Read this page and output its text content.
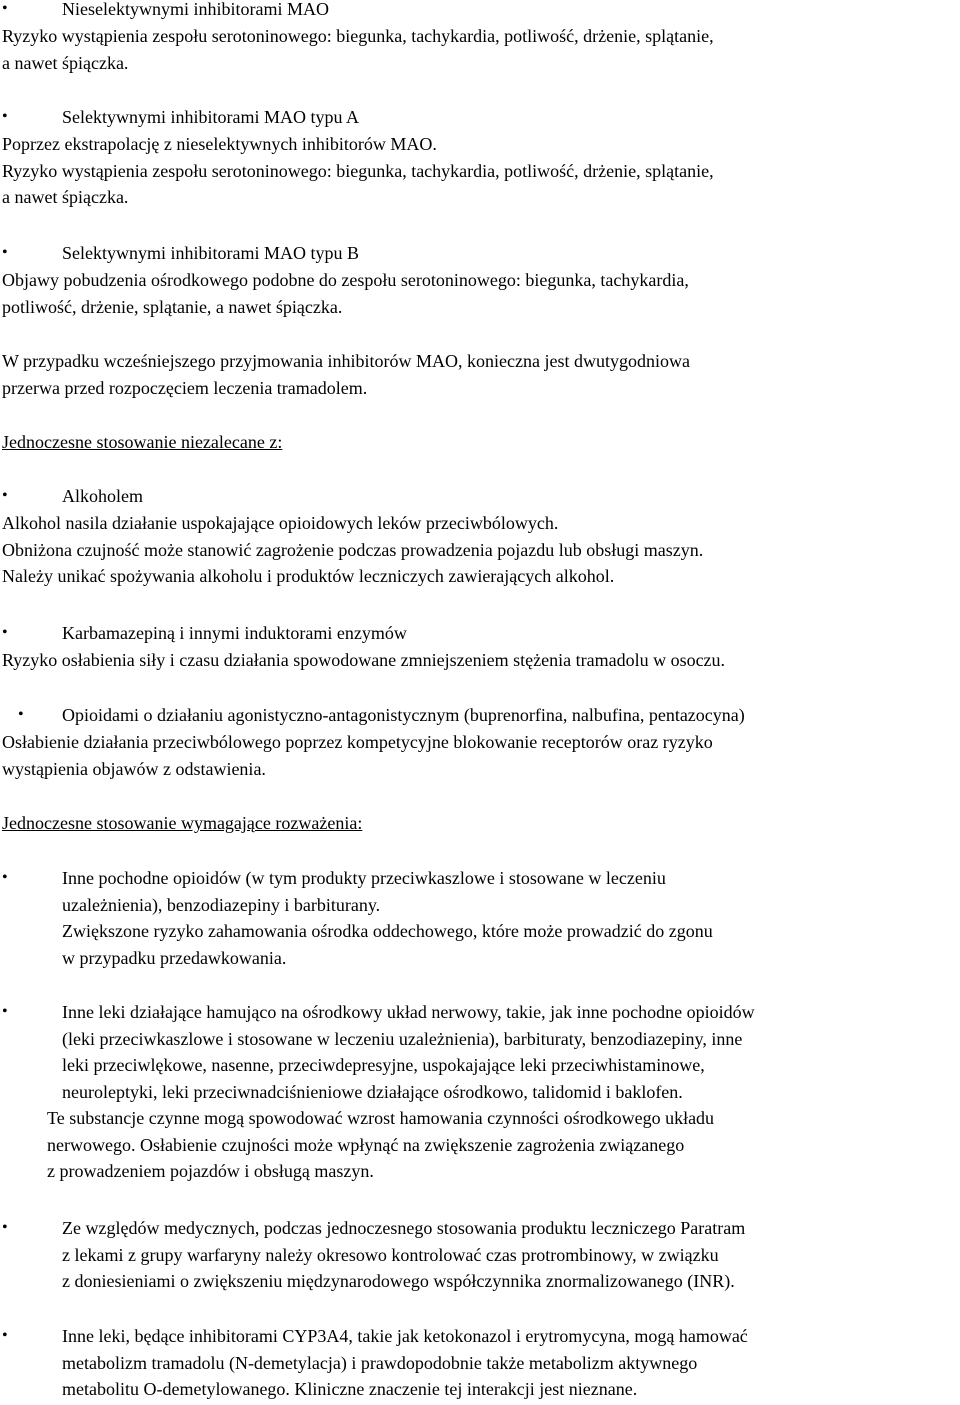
•	Nieselektywnymi inhibitorami MAO
Ryzyko wystąpienia zespołu serotoninowego: biegunka, tachykardia, potliwość, drżenie, splątanie,
a nawet śpiączka.
•	Selektywnymi inhibitorami MAO typu A
Poprzez ekstrapolację z nieselektywnych inhibitorów MAO.
Ryzyko wystąpienia zespołu serotoninowego: biegunka, tachykardia, potliwość, drżenie, splątanie,
a nawet śpiączka.
•	Selektywnymi inhibitorami MAO typu B
Objawy pobudzenia ośrodkowego podobne do zespołu serotoninowego: biegunka, tachykardia,
potliwość, drżenie, splątanie, a nawet śpiączka.
W przypadku wcześniejszego przyjmowania inhibitorów MAO, konieczna jest dwutygodniowa
przerwa przed rozpoczęciem leczenia tramadolem.
Jednoczesne stosowanie niezalecane z:
•	Alkoholem
Alkohol nasila działanie uspokajające opioidowych leków przeciwbólowych.
Obniżona czujność może stanowić zagrożenie podczas prowadzenia pojazdu lub obsługi maszyn.
Należy unikać spożywania alkoholu i produktów leczniczych zawierających alkohol.
•	Karbamazepiną i innymi induktorami enzymów
Ryzyko osłabienia siły i czasu działania spowodowane zmniejszeniem stężenia tramadolu w osoczu.
• Opioidami o działaniu agonistyczno-antagonistycznym (buprenorfina, nalbufina, pentazocyna)
Osłabienie działania przeciwbólowego poprzez kompetycyjne blokowanie receptorów oraz ryzyko
wystąpienia objawów z odstawienia.
Jednoczesne stosowanie wymagające rozważenia:
•	Inne pochodne opioidów (w tym produkty przeciwkaszlowe i stosowane w leczeniu
uzależnienia), benzodiazepiny i barbiturany.
Zwiększone ryzyko zahamowania ośrodka oddechowego, które może prowadzić do zgonu
w przypadku przedawkowania.
•	Inne leki działające hamująco na ośrodkowy układ nerwowy, takie, jak inne pochodne opioidów
(leki przeciwkaszlowe i stosowane w leczeniu uzależnienia), barbituraty, benzodiazepiny, inne
leki przeciwlękowe, nasenne, przeciwdepresyjne, uspokajające leki przeciwhistaminowe,
neuroleptyki, leki przeciwnadciśnieniowe działające ośrodkowo, talidomid i baklofen.
Te substancje czynne mogą spowodować wzrost hamowania czynności ośrodkowego układu
nerwowego. Osłabienie czujności może wpłynąć na zwiększenie zagrożenia związanego
z prowadzeniem pojazdów i obsługą maszyn.
•	Ze względów medycznych, podczas jednoczesnego stosowania produktu leczniczego Paratram
z lekami z grupy warfaryny należy okresowo kontrolować czas protrombinowy, w związku
z doniesieniami o zwiększeniu międzynarodowego współczynnika znormalizowanego (INR).
•	Inne leki, będące inhibitorami CYP3A4, takie jak ketokonazol i erytromycyna, mogą hamować
metabolizm tramadolu (N-demetylacja) i prawdopodobnie także metabolizm aktywnego
metabolitu O-demetylowanego. Kliniczne znaczenie tej interakcji jest nieznane.
